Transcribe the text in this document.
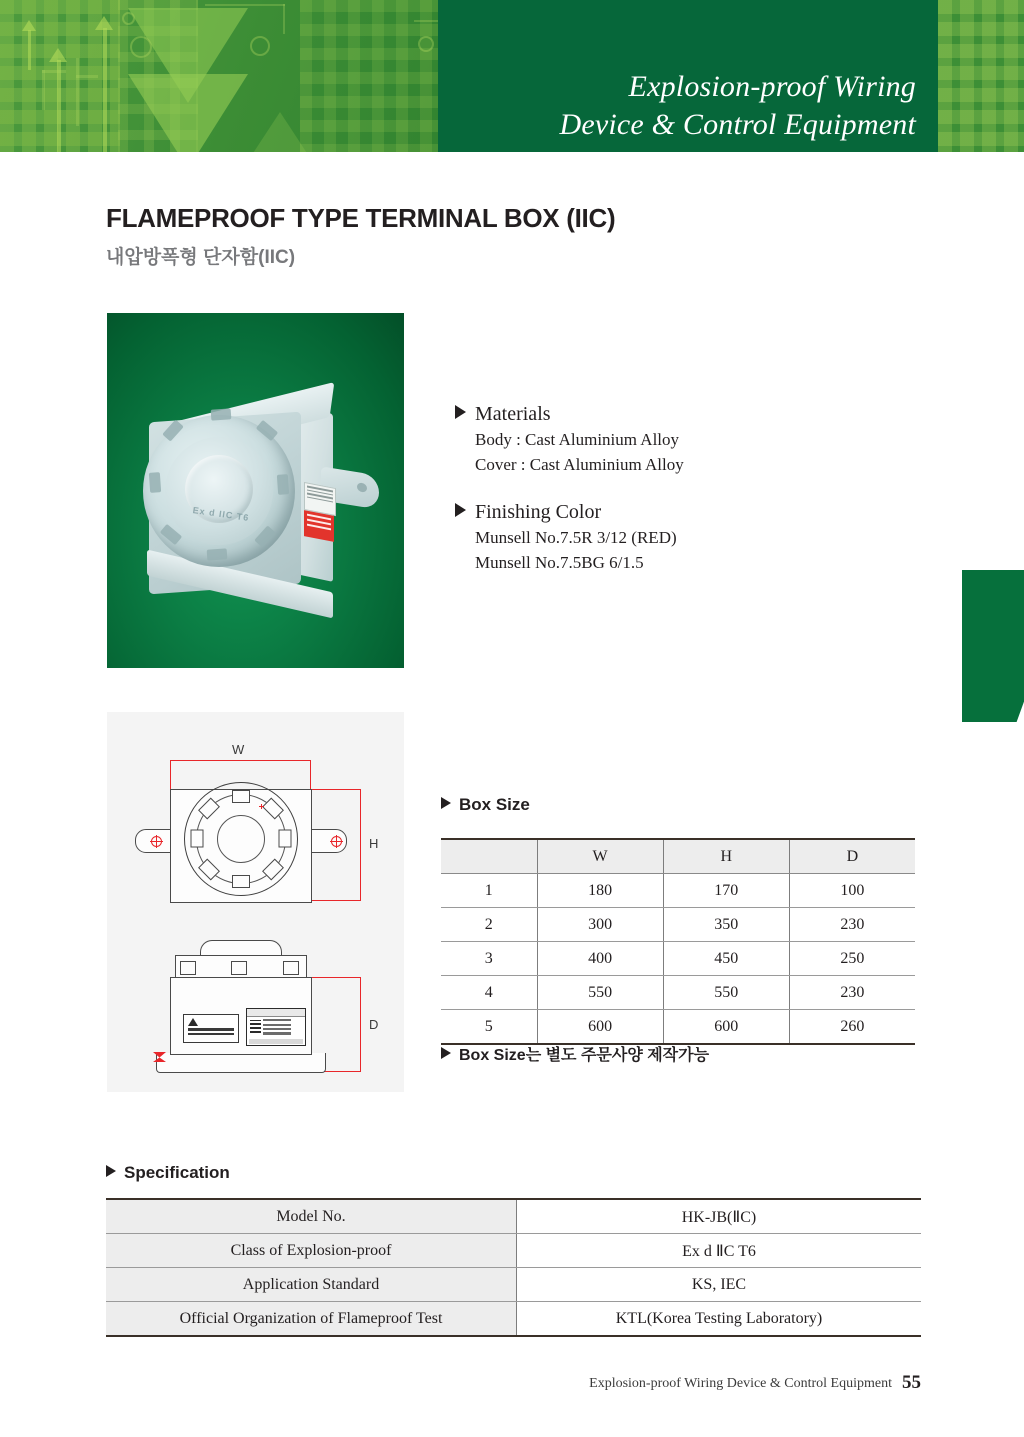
Explosion-proof Wiring
Device & Control Equipment
FLAMEPROOF TYPE TERMINAL BOX (IIC)
내압방폭형 단자함(IIC)
Ex d IIC T6
Materials
Body : Cast Aluminium Alloy
Cover : Cast Aluminium Alloy
Finishing Color
Munsell No.7.5R 3/12 (RED)
Munsell No.7.5BG 6/1.5
W
H
D
Box Size
	W	H	D
1	180	170	100
2	300	350	230
3	400	450	250
4	550	550	230
5	600	600	260
Box Size는 별도 주문사양 제작가능
Specification
Model No.	HK-JB(ⅡC)
Class of Explosion-proof	Ex d ⅡC T6
Application Standard	KS, IEC
Official Organization of Flameproof Test	KTL(Korea Testing Laboratory)
Explosion-proof Wiring Device & Control Equipment 55
